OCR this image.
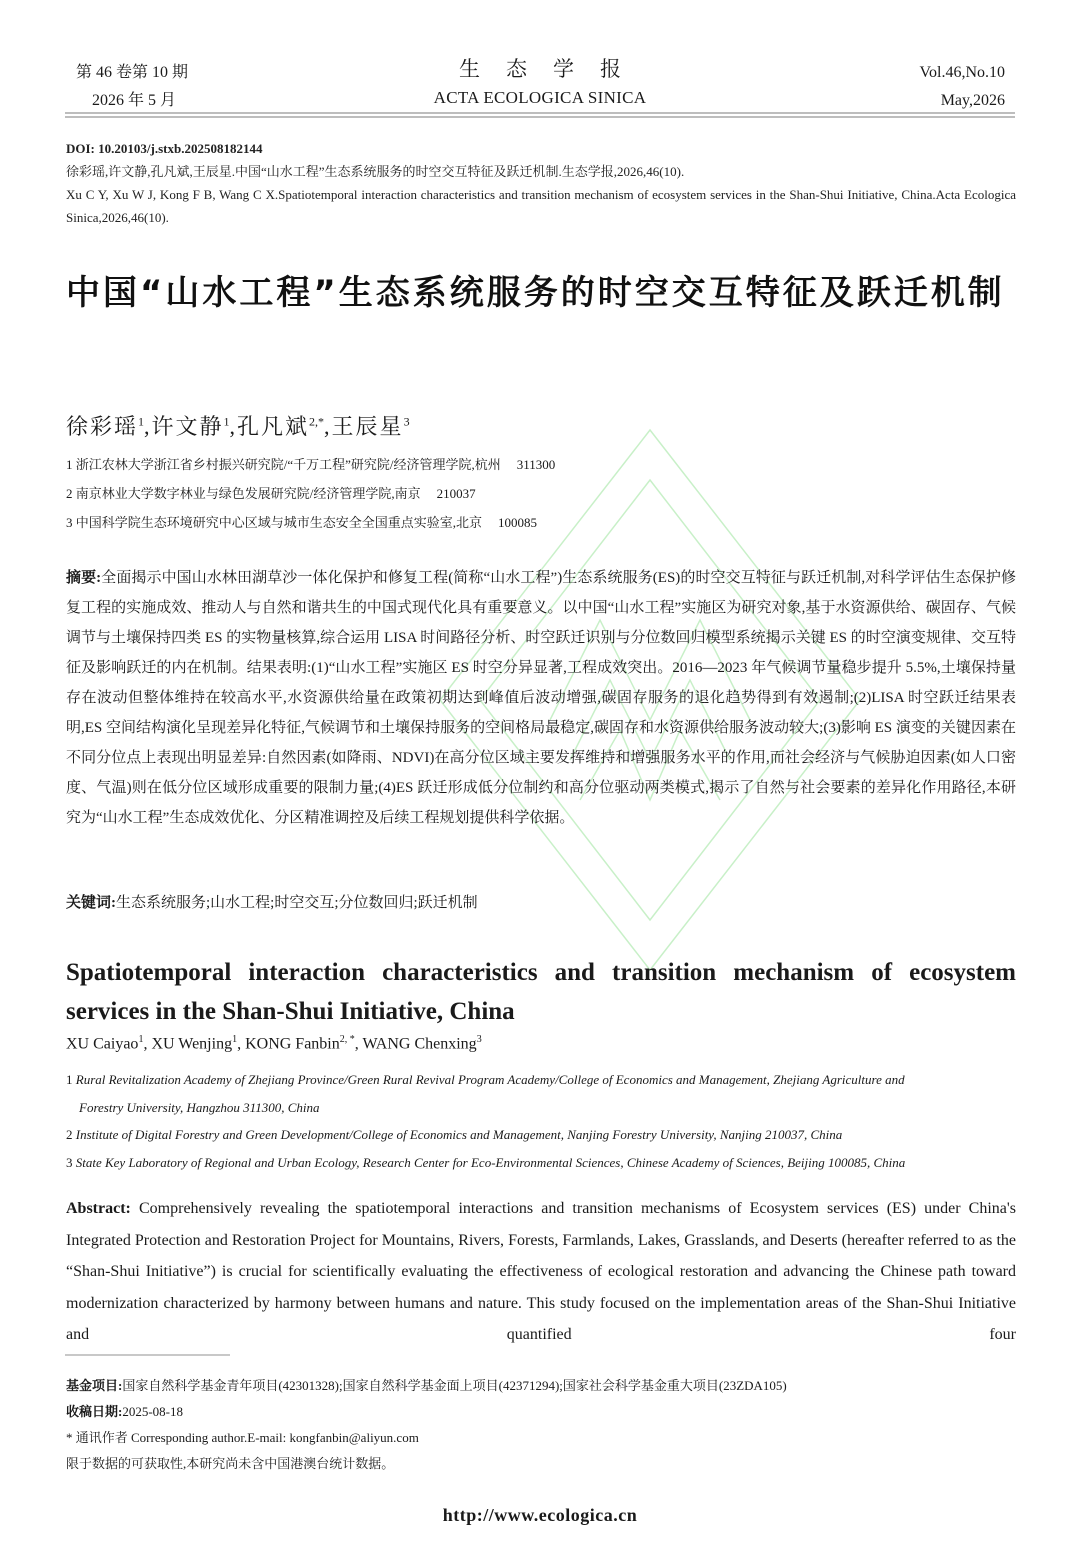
第 46 卷第 10 期
2026 年 5 月
生态学报
ACTA ECOLOGICA SINICA
Vol.46,No.10
May,2026
DOI: 10.20103/j.stxb.202508182144
徐彩瑶,许文静,孔凡斌,王辰星.中国“山水工程”生态系统服务的时空交互特征及跃迁机制.生态学报,2026,46(10).
Xu C Y, Xu W J, Kong F B, Wang C X.Spatiotemporal interaction characteristics and transition mechanism of ecosystem services in the Shan-Shui Initiative, China.Acta Ecologica Sinica,2026,46(10).
中国“山水工程”生态系统服务的时空交互特征及跃迁机制
徐彩瑶$^1$,许文静$^1$,孔凡斌$^{2,*}$,王辰星$^3$
1 浙江农林大学浙江省乡村振兴研究院/“千万工程”研究院/经济管理学院,杭州 311300
2 南京林业大学数字林业与绿色发展研究院/经济管理学院,南京 210037
3 中国科学院生态环境研究中心区域与城市生态安全全国重点实验室,北京 100085
摘要:全面揭示中国山水林田湖草沙一体化保护和修复工程(简称“山水工程”)生态系统服务(ES)的时空交互特征与跃迁机制,对科学评估生态保护修复工程的实施成效、推动人与自然和谐共生的中国式现代化具有重要意义。以中国“山水工程”实施区为研究对象,基于水资源供给、碳固存、气候调节与土壤保持四类 ES 的实物量核算,综合运用 LISA 时间路径分析、时空跃迁识别与分位数回归模型系统揭示关键 ES 的时空演变规律、交互特征及影响跃迁的内在机制。结果表明:(1)“山水工程”实施区 ES 时空分异显著,工程成效突出。2016—2023 年气候调节量稳步提升 5.5%,土壤保持量存在波动但整体维持在较高水平,水资源供给量在政策初期达到峰值后波动增强,碳固存服务的退化趋势得到有效遏制;(2)LISA 时空跃迁结果表明,ES 空间结构演化呈现差异化特征,气候调节和土壤保持服务的空间格局最稳定,碳固存和水资源供给服务波动较大;(3)影响 ES 演变的关键因素在不同分位点上表现出明显差异:自然因素(如降雨、NDVI)在高分位区域主要发挥维持和增强服务水平的作用,而社会经济与气候胁迫因素(如人口密度、气温)则在低分位区域形成重要的限制力量;(4)ES 跃迁形成低分位制约和高分位驱动两类模式,揭示了自然与社会要素的差异化作用路径,本研究为“山水工程”生态成效优化、分区精准调控及后续工程规划提供科学依据。
关键词:生态系统服务;山水工程;时空交互;分位数回归;跃迁机制
Spatiotemporal interaction characteristics and transition mechanism of ecosystem services in the Shan-Shui Initiative, China
XU Caiyao$^1$, XU Wenjing$^1$, KONG Fanbin$^{2, *}$, WANG Chenxing$^3$
1 Rural Revitalization Academy of Zhejiang Province/Green Rural Revival Program Academy/College of Economics and Management, Zhejiang Agriculture and
Forestry University, Hangzhou 311300, China
2 Institute of Digital Forestry and Green Development/College of Economics and Management, Nanjing Forestry University, Nanjing 210037, China
3 State Key Laboratory of Regional and Urban Ecology, Research Center for Eco-Environmental Sciences, Chinese Academy of Sciences, Beijing 100085, China
Abstract: Comprehensively revealing the spatiotemporal interactions and transition mechanisms of Ecosystem services (ES) under China's Integrated Protection and Restoration Project for Mountains, Rivers, Forests, Farmlands, Lakes, Grasslands, and Deserts (hereafter referred to as the “Shan-Shui Initiative”) is crucial for scientifically evaluating the effectiveness of ecological restoration and advancing the Chinese path toward modernization characterized by harmony between humans and nature. This study focused on the implementation areas of the Shan-Shui Initiative and quantified four
基金项目:国家自然科学基金青年项目(42301328);国家自然科学基金面上项目(42371294);国家社会科学基金重大项目(23ZDA105)
收稿日期:2025-08-18
* 通讯作者 Corresponding author.E-mail: kongfanbin@aliyun.com
限于数据的可获取性,本研究尚未含中国港澳台统计数据。
http://www.ecologica.cn
